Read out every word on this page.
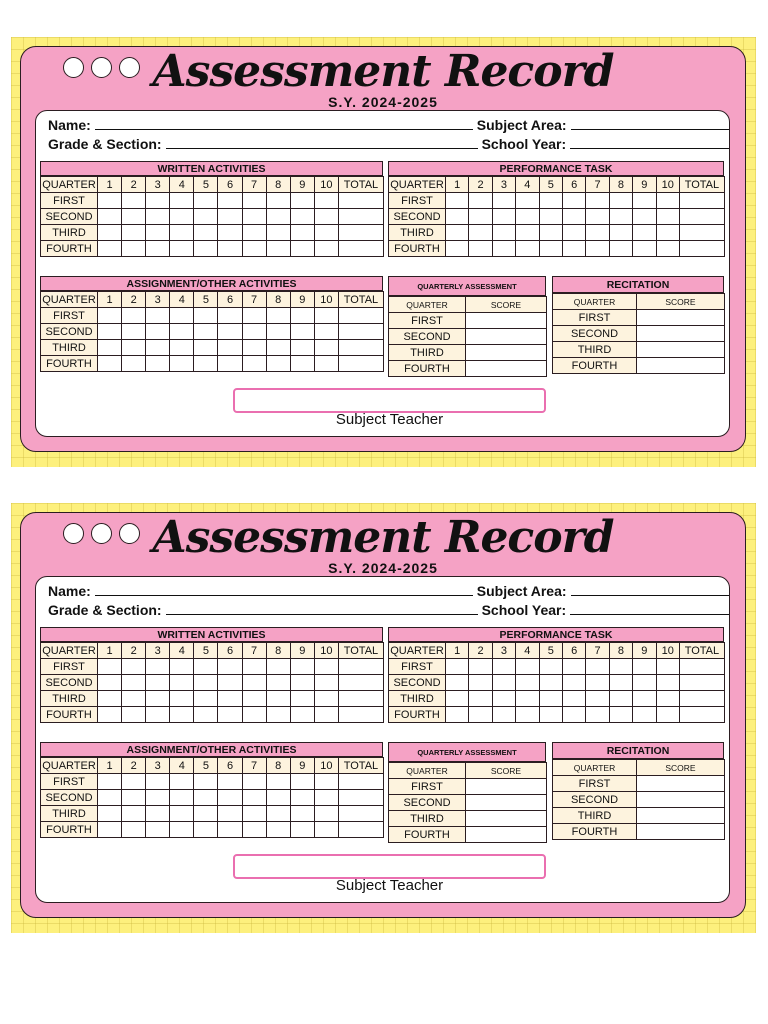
Assessment Record
S.Y. 2024-2025
Name:	Subject Area:
Grade & Section:	School Year:
WRITTEN ACTIVITIES
QUARTER	1	2	3	4	5	6	7	8	9	10	TOTAL
FIRST											
SECOND											
THIRD											
FOURTH											
PERFORMANCE TASK
QUARTER	1	2	3	4	5	6	7	8	9	10	TOTAL
FIRST											
SECOND											
THIRD											
FOURTH											
ASSIGNMENT/OTHER ACTIVITIES
QUARTER	1	2	3	4	5	6	7	8	9	10	TOTAL
FIRST											
SECOND											
THIRD											
FOURTH											
QUARTERLY ASSESSMENT
QUARTER	SCORE
FIRST	
SECOND	
THIRD	
FOURTH	
RECITATION
QUARTER	SCORE
FIRST	
SECOND	
THIRD	
FOURTH	
Subject Teacher
Assessment Record
S.Y. 2024-2025
Name:	Subject Area:
Grade & Section:	School Year:
WRITTEN ACTIVITIES
QUARTER	1	2	3	4	5	6	7	8	9	10	TOTAL
FIRST											
SECOND											
THIRD											
FOURTH											
PERFORMANCE TASK
QUARTER	1	2	3	4	5	6	7	8	9	10	TOTAL
FIRST											
SECOND											
THIRD											
FOURTH											
ASSIGNMENT/OTHER ACTIVITIES
QUARTER	1	2	3	4	5	6	7	8	9	10	TOTAL
FIRST											
SECOND											
THIRD											
FOURTH											
QUARTERLY ASSESSMENT
QUARTER	SCORE
FIRST	
SECOND	
THIRD	
FOURTH	
RECITATION
QUARTER	SCORE
FIRST	
SECOND	
THIRD	
FOURTH	
Subject Teacher
